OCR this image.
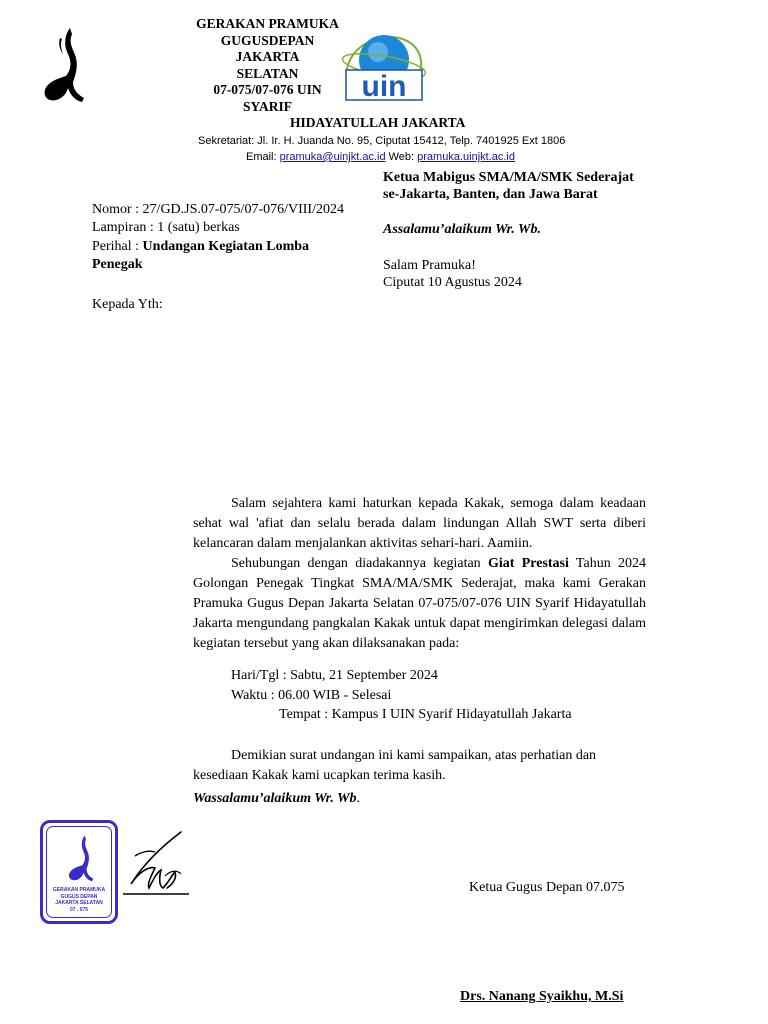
uin
GERAKAN PRAMUKA
GUGUSDEPAN
JAKARTA
SELATAN
07-075/07-076 UIN
SYARIF
HIDAYATULLAH JAKARTA
Sekretariat: Jl. Ir. H. Juanda No. 95, Ciputat 15412, Telp. 7401925 Ext 1806
Email: pramuka@uinjkt.ac.id Web: pramuka.uinjkt.ac.id
Nomor : 27/GD.JS.07-075/07-076/VIII/2024
Lampiran : 1 (satu) berkas
Perihal : Undangan Kegiatan Lomba
Penegak
Kepada Yth:
Ketua Mabigus SMA/MA/SMK Sederajat
se-Jakarta, Banten, dan Jawa Barat
Assalamu’alaikum Wr. Wb.
Salam Pramuka!
Ciputat 10 Agustus 2024
Salam sejahtera kami haturkan kepada Kakak, semoga dalam keadaan sehat wal 'afiat dan selalu berada dalam lindungan Allah SWT serta diberi kelancaran dalam menjalankan aktivitas sehari-hari. Aamiin.
Sehubungan dengan diadakannya kegiatan Giat Prestasi Tahun 2024 Golongan Penegak Tingkat SMA/MA/SMK Sederajat, maka kami Gerakan Pramuka Gugus Depan Jakarta Selatan 07-075/07-076 UIN Syarif Hidayatullah Jakarta mengundang pangkalan Kakak untuk dapat mengirimkan delegasi dalam kegiatan tersebut yang akan dilaksanakan pada:
Hari/Tgl : Sabtu, 21 September 2024
Waktu : 06.00 WIB - Selesai
Tempat : Kampus I UIN Syarif Hidayatullah Jakarta
Demikian surat undangan ini kami sampaikan, atas perhatian dan kesediaan Kakak kami ucapkan terima kasih.
Wassalamu’alaikum Wr. Wb.
GERAKAN PRAMUKA
GUGUS DEPAN
JAKARTA SELATAN
07 . 075
Ketua Gugus Depan 07.075
Drs. Nanang Syaikhu, M.Si
